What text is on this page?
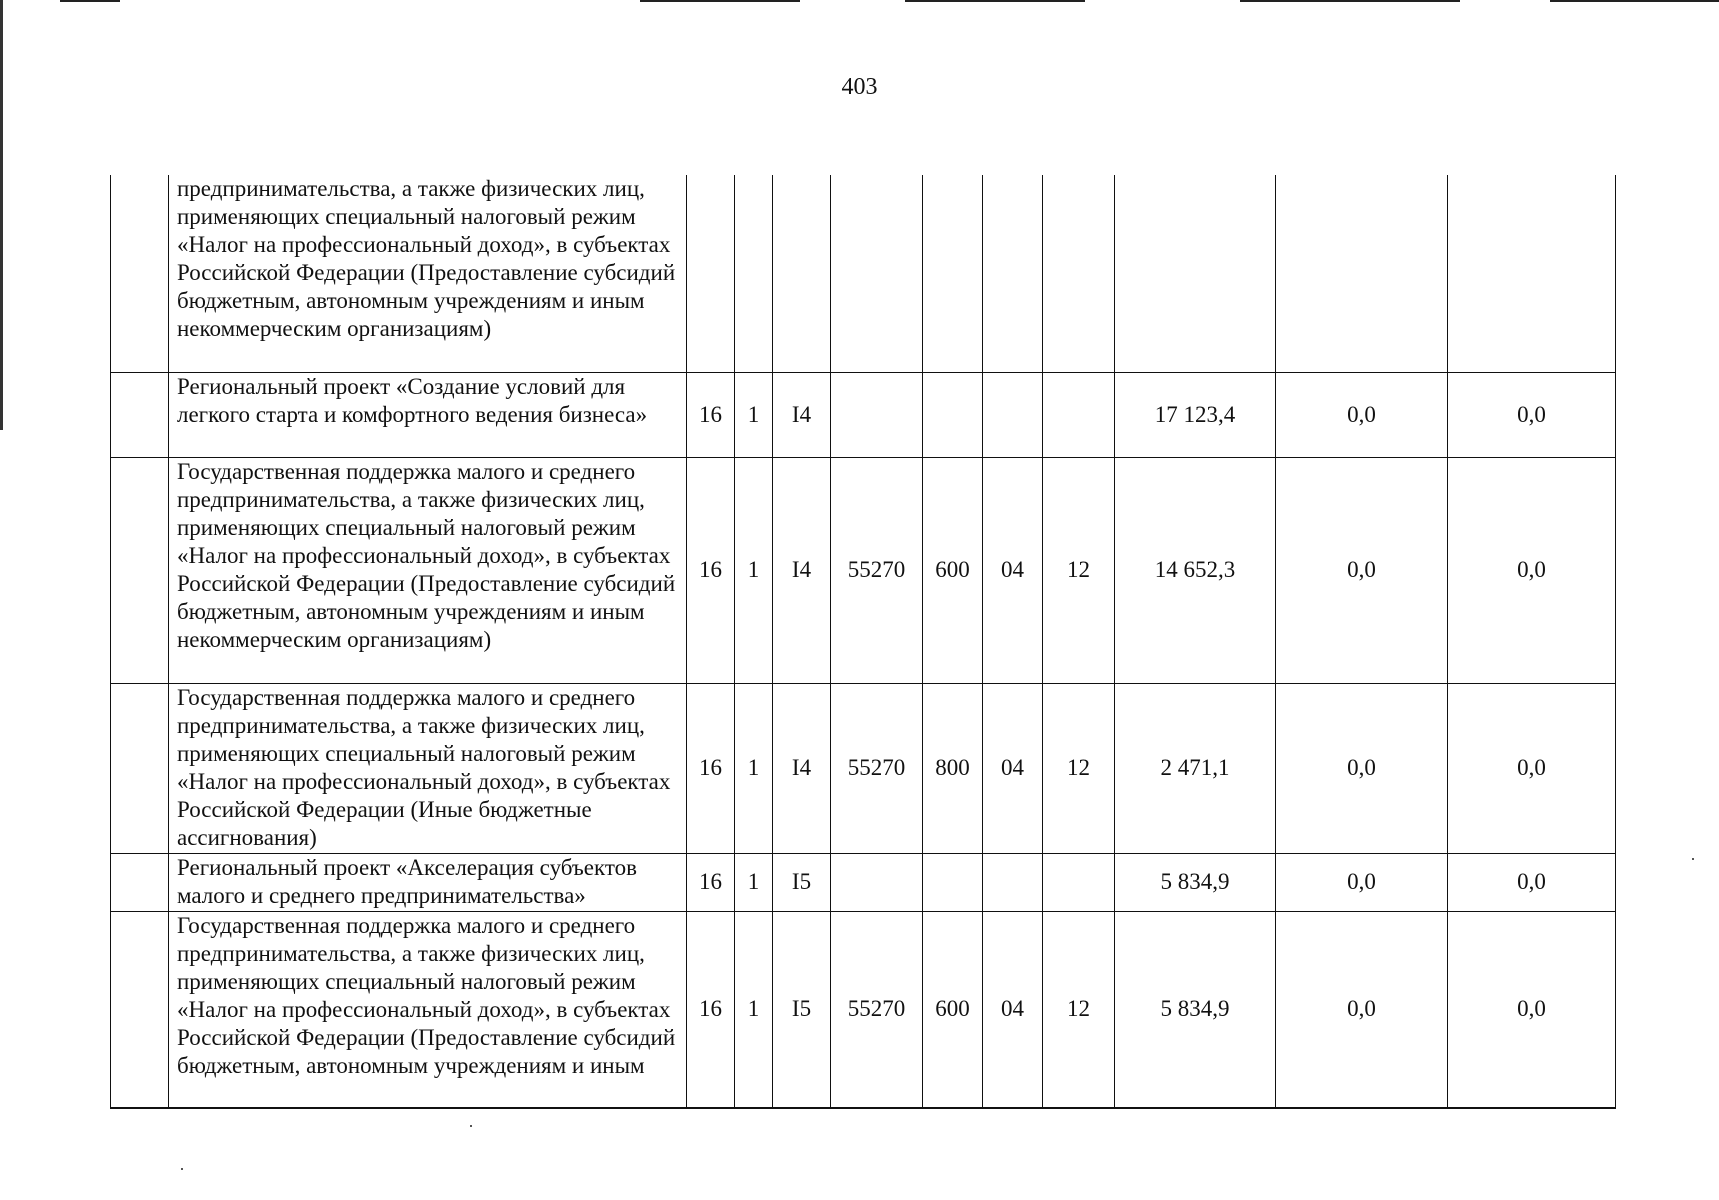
403
	предпринимательства, а также физических лиц, применяющих специальный налоговый режим «Налог на профессиональный доход», в субъектах Российской Федерации (Предоставление субсидий бюджетным, автономным учреждениям и иным некоммерческим организациям)										
	Региональный проект «Создание условий для легкого старта и комфортного ведения бизнеса»	16	1	I4					17 123,4	0,0	0,0
	Государственная поддержка малого и среднего предпринимательства, а также физических лиц, применяющих специальный налоговый режим «Налог на профессиональный доход», в субъектах Российской Федерации (Предоставление субсидий бюджетным, автономным учреждениям и иным некоммерческим организациям)	16	1	I4	55270	600	04	12	14 652,3	0,0	0,0
	Государственная поддержка малого и среднего предпринимательства, а также физических лиц, применяющих специальный налоговый режим «Налог на профессиональный доход», в субъектах Российской Федерации (Иные бюджетные ассигнования)	16	1	I4	55270	800	04	12	2 471,1	0,0	0,0
	Региональный проект «Акселерация субъектов малого и среднего предпринимательства»	16	1	I5					5 834,9	0,0	0,0
	Государственная поддержка малого и среднего предпринимательства, а также физических лиц, применяющих специальный налоговый режим «Налог на профессиональный доход», в субъектах Российской Федерации (Предоставление субсидий бюджетным, автономным учреждениям и иным	16	1	I5	55270	600	04	12	5 834,9	0,0	0,0
